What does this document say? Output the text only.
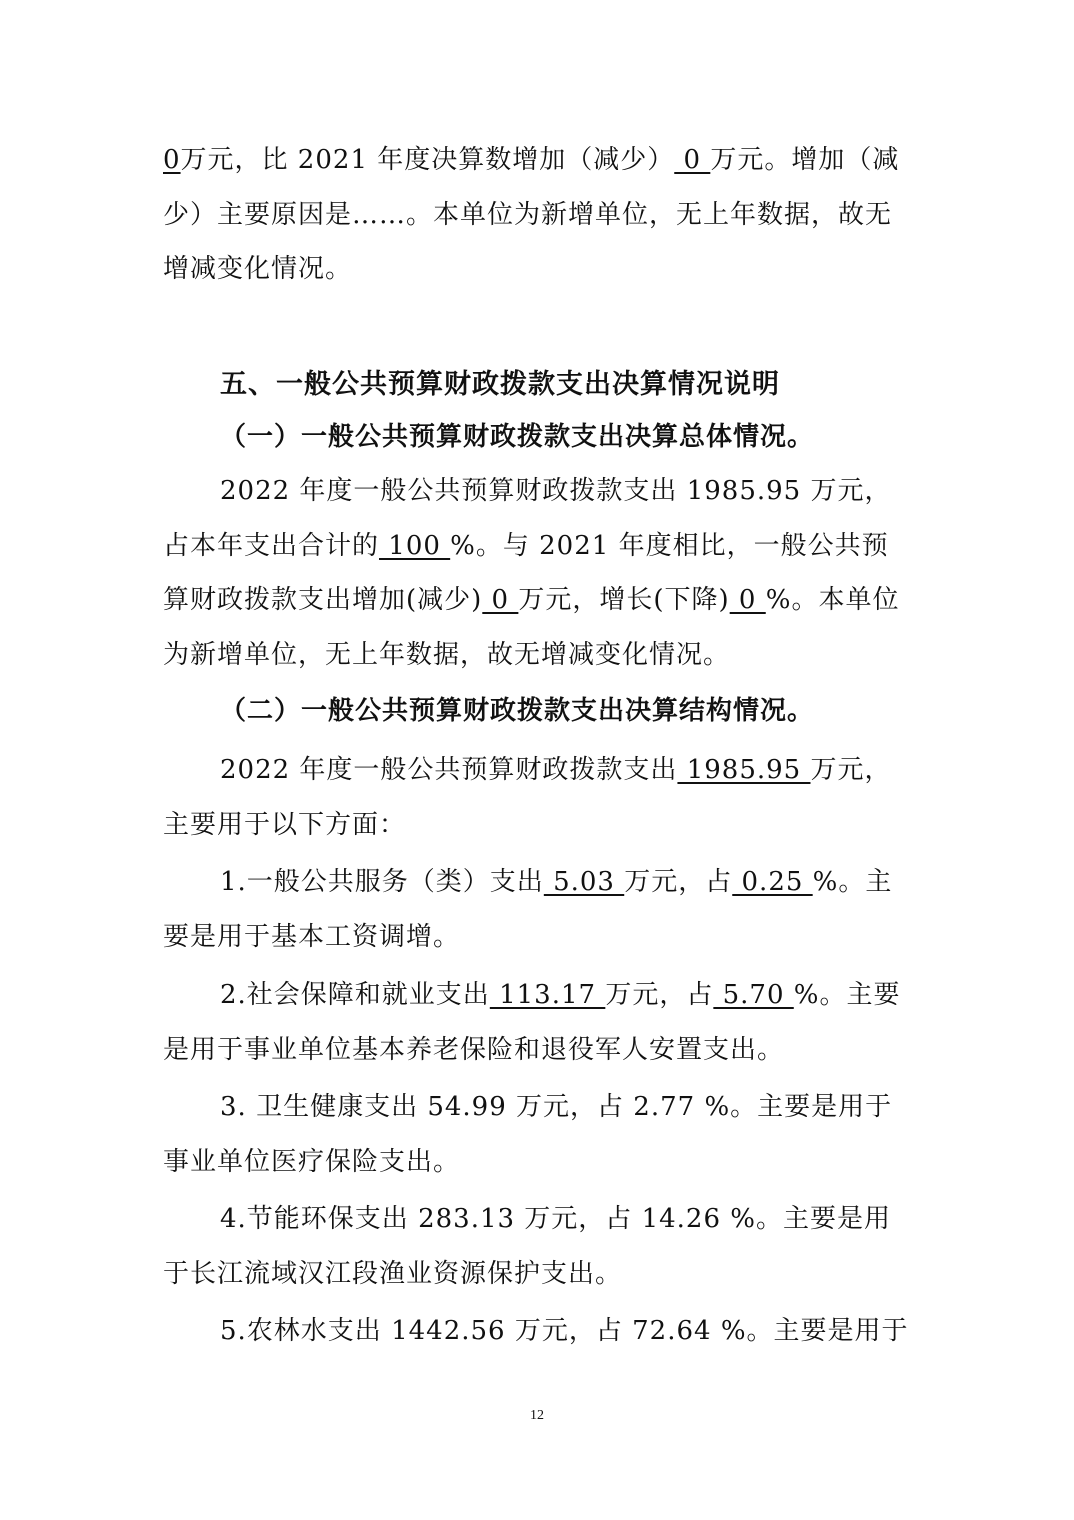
0万元，比 2021 年度决算数增加（减少） 0 万元。增加（减少）主要原因是……。本单位为新增单位，无上年数据，故无增减变化情况。

五、一般公共预算财政拨款支出决算情况说明
（一）一般公共预算财政拨款支出决算总体情况。

2022 年度一般公共预算财政拨款支出 1985.95 万元，占本年支出合计的 100 %。与 2021 年度相比，一般公共预算财政拨款支出增加(减少) 0 万元，增长(下降) 0 %。本单位为新增单位，无上年数据，故无增减变化情况。

（二）一般公共预算财政拨款支出决算结构情况。

2022 年度一般公共预算财政拨款支出 1985.95 万元，主要用于以下方面：

1.一般公共服务（类）支出 5.03 万元，占 0.25 %。主要是用于基本工资调增。

2.社会保障和就业支出 113.17 万元，占 5.70 %。主要是用于事业单位基本养老保险和退役军人安置支出。

3. 卫生健康支出 54.99 万元，占 2.77 %。主要是用于事业单位医疗保险支出。

4.节能环保支出 283.13 万元，占 14.26 %。主要是用于长江流域汉江段渔业资源保护支出。

5.农林水支出 1442.56 万元，占 72.64 %。主要是用于

12
